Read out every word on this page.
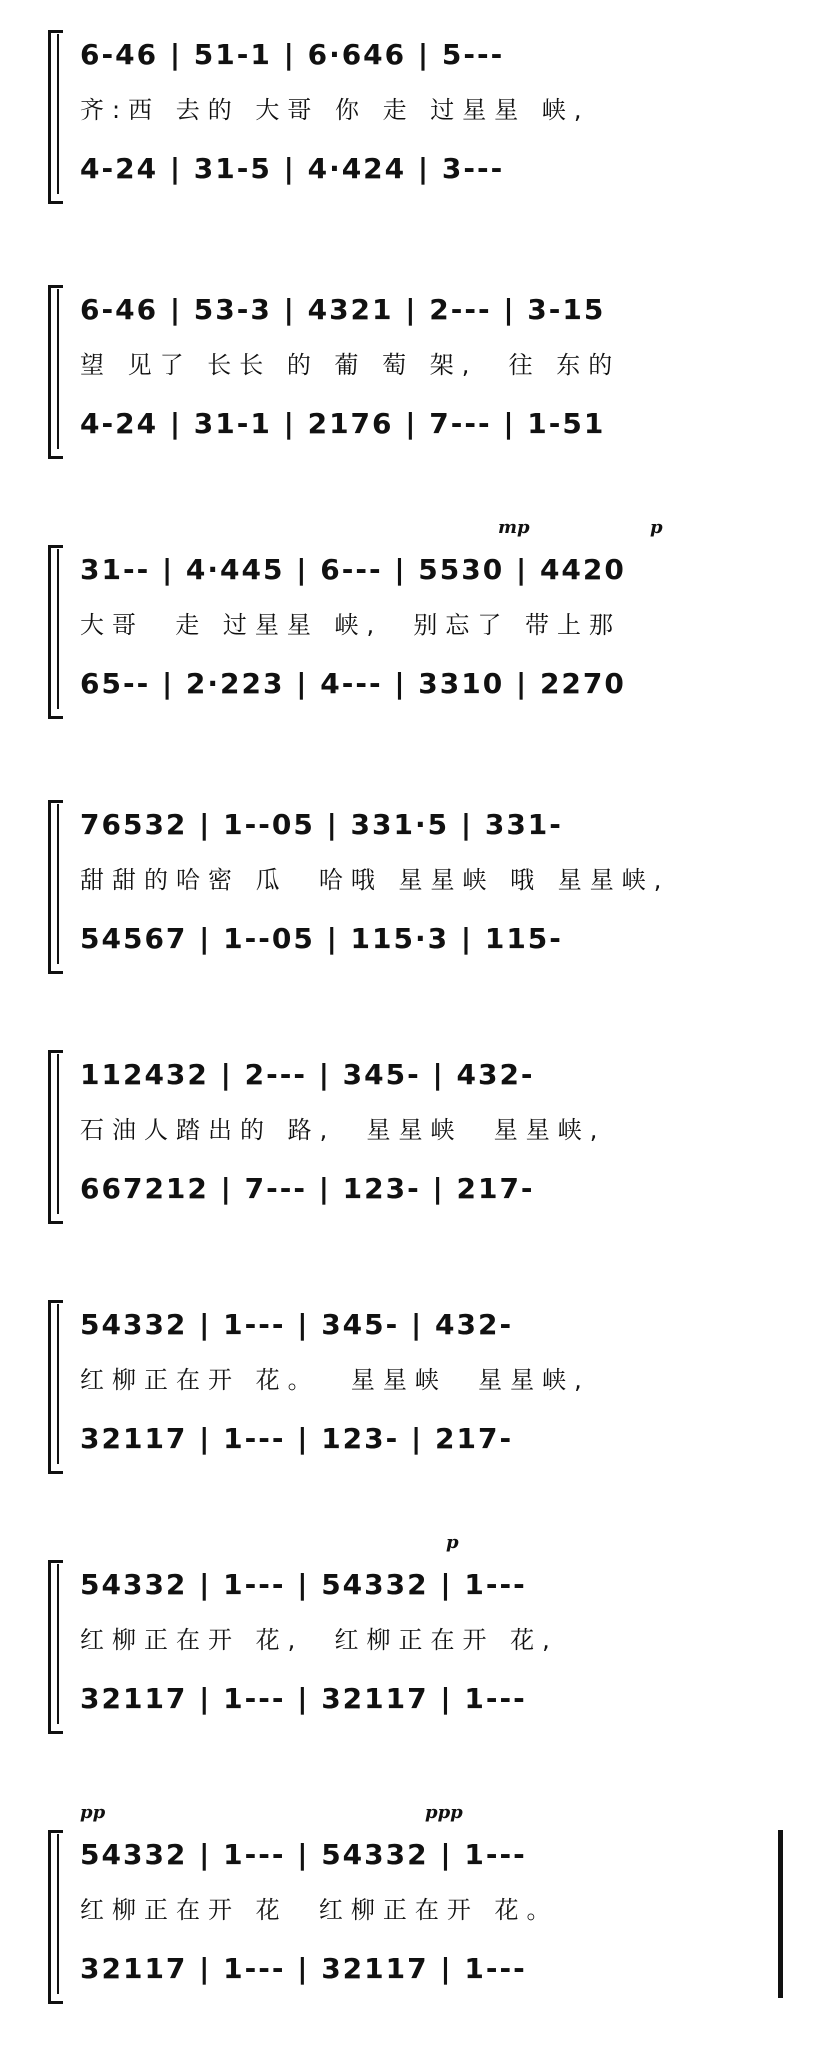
6-46 | 51-1 | 6·646 | 5---
齐:西 去的 大哥 你 走 过星星 峡,
4-24 | 31-5 | 4·424 | 3---
6-46 | 53-3 | 4321 | 2--- | 3-15
望 见了 长长 的 葡 萄 架,  往 东的
4-24 | 31-1 | 2176 | 7--- | 1-51
mp	p
31-- | 4·445 | 6--- | 5530 | 4420
大哥  走 过星星 峡,  别忘了 带上那
65-- | 2·223 | 4--- | 3310 | 2270
76532 | 1--05 | 331·5 | 331-
甜甜的哈密 瓜  哈哦 星星峡 哦 星星峡,
54567 | 1--05 | 115·3 | 115-
112432 | 2--- | 345- | 432-
石油人踏出的 路,  星星峡  星星峡,
667212 | 7--- | 123- | 217-
54332 | 1--- | 345- | 432-
红柳正在开 花。  星星峡  星星峡,
32117 | 1--- | 123- | 217-
p
54332 | 1--- | 54332 | 1---
红柳正在开 花,  红柳正在开 花,
32117 | 1--- | 32117 | 1---
pp	ppp
54332 | 1--- | 54332 | 1---
红柳正在开 花  红柳正在开 花。
32117 | 1--- | 32117 | 1---
